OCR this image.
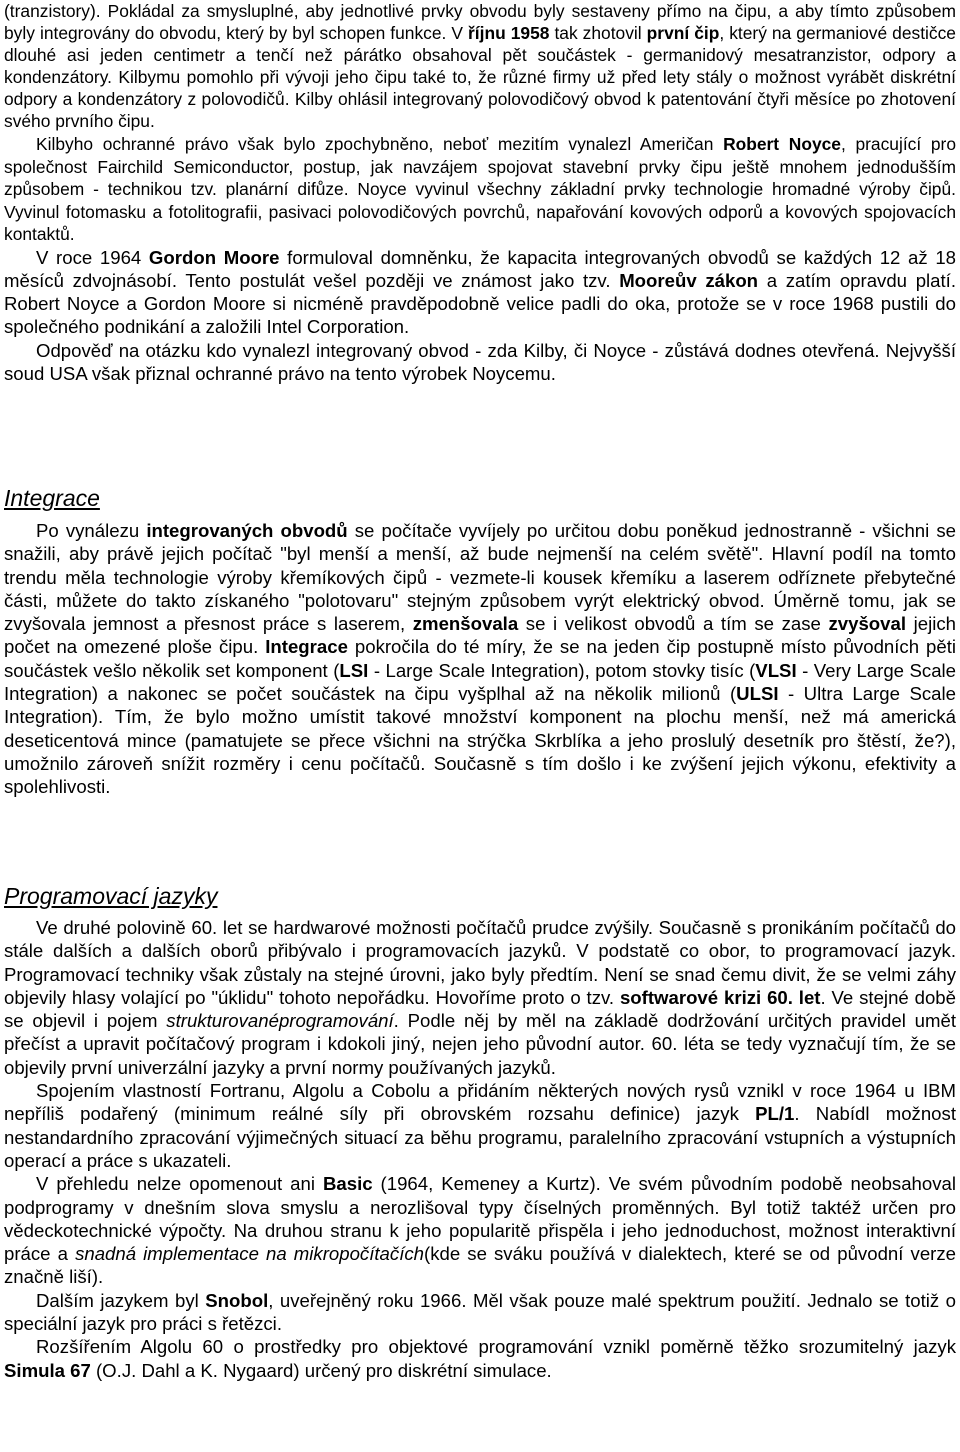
(tranzistory). Pokládal za smysluplné, aby jednotlivé prvky obvodu byly sestaveny přímo na čipu, a aby tímto způsobem byly integrovány do obvodu, který by byl schopen funkce. V říjnu 1958 tak zhotovil první čip, který na germaniové destičce dlouhé asi jeden centimetr a tenčí než párátko obsahoval pět součástek - germanidový mesatranzistor, odpory a kondenzátory. Kilbymu pomohlo při vývoji jeho čipu také to, že různé firmy už před lety stály o možnost vyrábět diskrétní odpory a kondenzátory z polovodičů. Kilby ohlásil integrovaný polovodičový obvod k patentování čtyři měsíce po zhotovení svého prvního čipu.

Kilbyho ochranné právo však bylo zpochybněno, neboť mezitím vynalezl Američan Robert Noyce, pracující pro společnost Fairchild Semiconductor, postup, jak navzájem spojovat stavební prvky čipu ještě mnohem jednodušším způsobem - technikou tzv. planární difůze. Noyce vyvinul všechny základní prvky technologie hromadné výroby čipů. Vyvinul fotomasku a fotolitografii, pasivaci polovodičových povrchů, napařování kovových odporů a kovových spojovacích kontaktů.

V roce 1964 Gordon Moore formuloval domněnku, že kapacita integrovaných obvodů se každých 12 až 18 měsíců zdvojnásobí. Tento postulát vešel později ve známost jako tzv. Mooreův zákon a zatím opravdu platí. Robert Noyce a Gordon Moore si nicméně pravděpodobně velice padli do oka, protože se v roce 1968 pustili do společného podnikání a založili Intel Corporation.

Odpověď na otázku kdo vynalezl integrovaný obvod - zda Kilby, či Noyce - zůstává dodnes otevřená. Nejvyšší soud USA však přiznal ochranné právo na tento výrobek Noycemu.

Integrace

Po vynálezu integrovaných obvodů se počítače vyvíjely po určitou dobu poněkud jednostranně - všichni se snažili, aby právě jejich počítač "byl menší a menší, až bude nejmenší na celém světě". Hlavní podíl na tomto trendu měla technologie výroby křemíkových čipů - vezmete-li kousek křemíku a laserem odříznete přebytečné části, můžete do takto získaného "polotovaru" stejným způsobem vyrýt elektrický obvod. Úměrně tomu, jak se zvyšovala jemnost a přesnost práce s laserem, zmenšovala se i velikost obvodů a tím se zase zvyšoval jejich počet na omezené ploše čipu. Integrace pokročila do té míry, že se na jeden čip postupně místo původních pěti součástek vešlo několik set komponent (LSI - Large Scale Integration), potom stovky tisíc (VLSI - Very Large Scale Integration) a nakonec se počet součástek na čipu vyšplhal až na několik milionů (ULSI - Ultra Large Scale Integration). Tím, že bylo možno umístit takové množství komponent na plochu menší, než má americká deseticentová mince (pamatujete se přece všichni na strýčka Skrblíka a jeho proslulý desetník pro štěstí, že?), umožnilo zároveň snížit rozměry i cenu počítačů. Současně s tím došlo i ke zvýšení jejich výkonu, efektivity a spolehlivosti.

Programovací jazyky

Ve druhé polovině 60. let se hardwarové možnosti počítačů prudce zvýšily. Současně s pronikáním počítačů do stále dalších a dalších oborů přibývalo i programovacích jazyků. V podstatě co obor, to programovací jazyk. Programovací techniky však zůstaly na stejné úrovni, jako byly předtím. Není se snad čemu divit, že se velmi záhy objevily hlasy volající po "úklidu" tohoto nepořádku. Hovoříme proto o tzv. softwarové krizi 60. let. Ve stejné době se objevil i pojem strukturovanéprogramování. Podle něj by měl na základě dodržování určitých pravidel umět přečíst a upravit počítačový program i kdokoli jiný, nejen jeho původní autor. 60. léta se tedy vyznačují tím, že se objevily první univerzální jazyky a první normy používaných jazyků.

Spojením vlastností Fortranu, Algolu a Cobolu a přidáním některých nových rysů vznikl v roce 1964 u IBM nepříliš podařený (minimum reálné síly při obrovském rozsahu definice) jazyk PL/1. Nabídl možnost nestandardního zpracování výjimečných situací za běhu programu, paralelního zpracování vstupních a výstupních operací a práce s ukazateli.

V přehledu nelze opomenout ani Basic (1964, Kemeney a Kurtz). Ve svém původním podobě neobsahoval podprogramy v dnešním slova smyslu a nerozlišoval typy číselných proměnných. Byl totiž taktéž určen pro vědeckotechnické výpočty. Na druhou stranu k jeho popularitě přispěla i jeho jednoduchost, možnost interaktivní práce a snadná implementace na mikropočítačích(kde se sváku používá v dialektech, které se od původní verze značně liší).

Dalším jazykem byl Snobol, uveřejněný roku 1966. Měl však pouze malé spektrum použití. Jednalo se totiž o speciální jazyk pro práci s řetězci.

Rozšířením Algolu 60 o prostředky pro objektové programování vznikl poměrně těžko srozumitelný jazyk Simula 67 (O.J. Dahl a K. Nygaard) určený pro diskrétní simulace.
